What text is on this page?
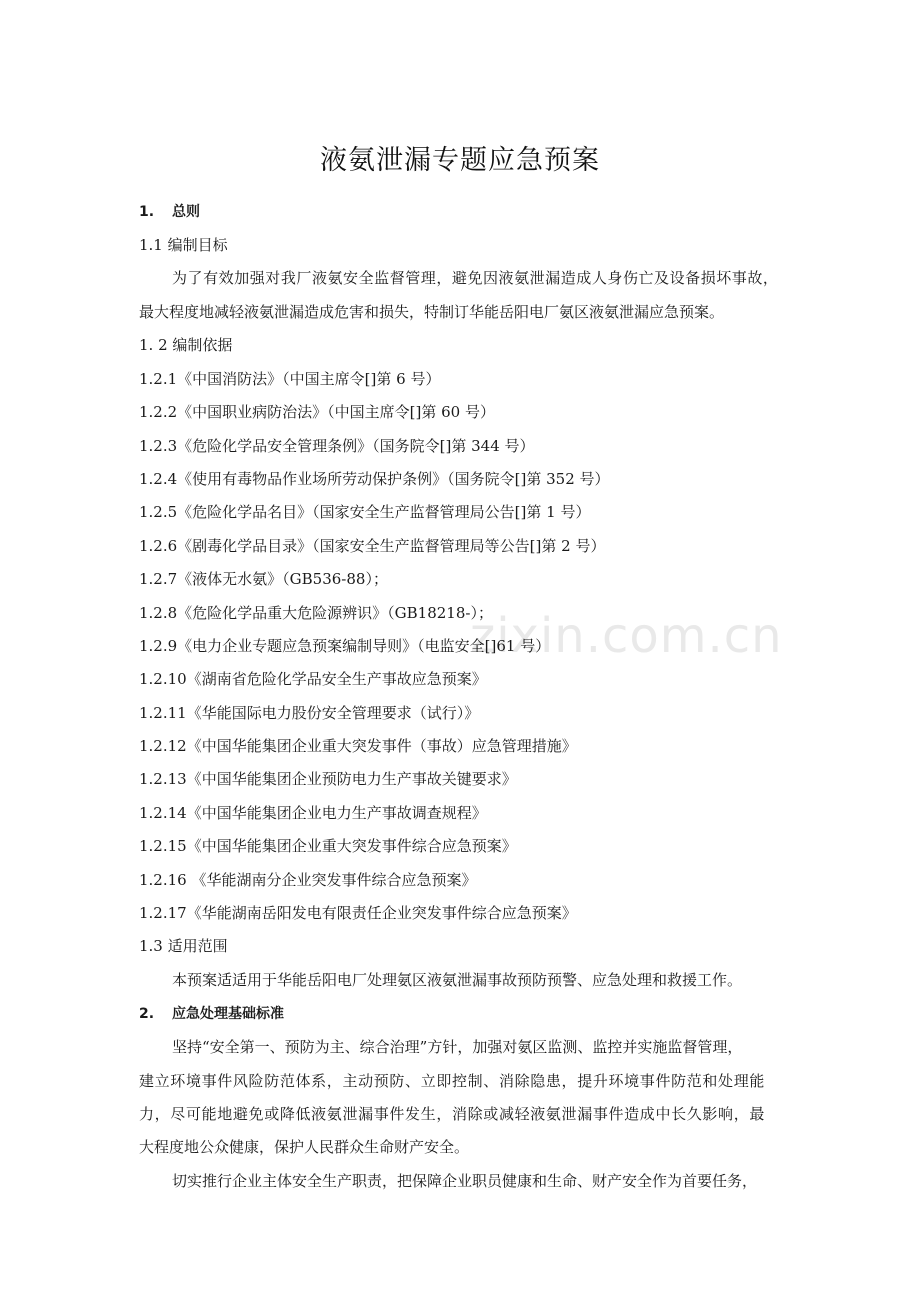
zixin.com.cn
液氨泄漏专题应急预案
1. 总则
1.1 编制目标
为了有效加强对我厂液氨安全监督管理，避免因液氨泄漏造成人身伤亡及设备损坏事故，
最大程度地减轻液氨泄漏造成危害和损失，特制订华能岳阳电厂氨区液氨泄漏应急预案。
1. 2 编制依据
1.2.1《中国消防法》（中国主席令[]第 6 号）
1.2.2《中国职业病防治法》（中国主席令[]第 60 号）
1.2.3《危险化学品安全管理条例》（国务院令[]第 344 号）
1.2.4《使用有毒物品作业场所劳动保护条例》（国务院令[]第 352 号）
1.2.5《危险化学品名目》（国家安全生产监督管理局公告[]第 1 号）
1.2.6《剧毒化学品目录》（国家安全生产监督管理局等公告[]第 2 号）
1.2.7《液体无水氨》（GB536-88）；
1.2.8《危险化学品重大危险源辨识》（GB18218-）；
1.2.9《电力企业专题应急预案编制导则》（电监安全[]61 号）
1.2.10《湖南省危险化学品安全生产事故应急预案》
1.2.11《华能国际电力股份安全管理要求（试行）》
1.2.12《中国华能集团企业重大突发事件（事故）应急管理措施》
1.2.13《中国华能集团企业预防电力生产事故关键要求》
1.2.14《中国华能集团企业电力生产事故调查规程》
1.2.15《中国华能集团企业重大突发事件综合应急预案》
1.2.16 《华能湖南分企业突发事件综合应急预案》
1.2.17《华能湖南岳阳发电有限责任企业突发事件综合应急预案》
1.3 适用范围
本预案适适用于华能岳阳电厂处理氨区液氨泄漏事故预防预警、应急处理和救援工作。
2. 应急处理基础标准
坚持“安全第一、预防为主、综合治理”方针，加强对氨区监测、监控并实施监督管理，
建立环境事件风险防范体系，主动预防、立即控制、消除隐患，提升环境事件防范和处理能
力，尽可能地避免或降低液氨泄漏事件发生，消除或减轻液氨泄漏事件造成中长久影响，最
大程度地公众健康，保护人民群众生命财产安全。
切实推行企业主体安全生产职责，把保障企业职员健康和生命、财产安全作为首要任务，
